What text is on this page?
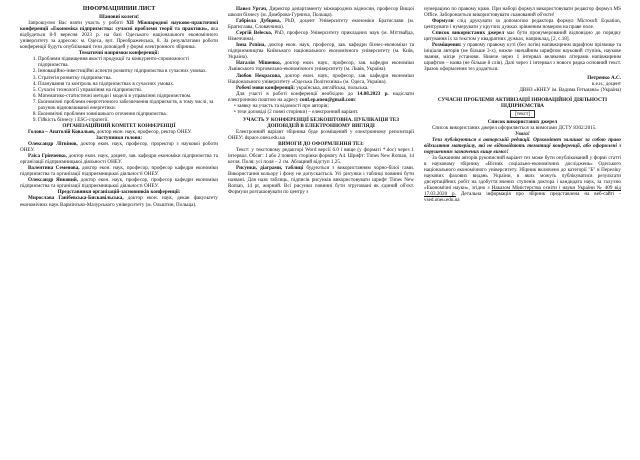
ІНФОРМАЦІЙНИЙ ЛИСТ

Шановні колеги!

Запрошуємо Вас взяти участь у роботі XII Міжнародної науково-практичної конференції «Економіка підприємства: сучасні проблеми теорії та практики», яка відбудеться 8-9 вересня 2023 р. на базі Одеського національного економічного університету за адресою: м. Одеса, вул. Преображенська, 8. За результатами роботи конференції будуть опубліковані тези доповідей у формі електронного збірника.

Тематичні напрямки конференції:

1. Проблеми підвищення якості продукції та конкуренто-спроможності підприємства.
2. Інноваційно-інвестиційні аспекти розвитку підприємства в сучасних умовах.
3. Стратегія розвитку підприємства.
4. Планування та контроль на підприємствах в сучасних умовах.
5. Сучасні технології управління на підприємстві.
6. Математико-статистичні методи і моделі в управлінні підприємством.
7. Економічні проблеми енергетичного забезпечення підприємств, в тому числі, за рахунок відновлюваної енергетики.
8. Економічні проблеми зовнішнього оточення підприємства.
9. Гійкість бізнесу і ESG-стратегії.

ОРГАНІЗАЦІЙНИЙ КОМІТЕТ КОНФЕРЕНЦІЇ

Голова – Анатолій Ковальов, доктор екон. наук, професор, ректор ОНЕУ.

Заступники голови:

Олександр Літвінов, доктор екон. наук, професор, проректор з наукової роботи ОНЕУ.

Раїса Грінченко, доктор екон. наук, доцент, зав. кафедри економіки підприємства та організації підприємницької діяльності ОНЕУ.

Валентина Семенова, доктор екон. наук, професор, професор кафедри економіки підприємства та організації підприємницької діяльності ОНЕУ.

Олександр Янковий, доктор екон. наук, професор, професор кафедри економіки підприємства та організації підприємницької діяльності ОНЕУ.

Представники організацій-засновників конференції:

Мирослава Ганібевська-Бискавільська, доктор екон. наук, декан факультету економічних наук Вармінсько-Мазурського університету (м. Ольштин, Польща).

Павел Ургач, Директор департаменту міжнародних відносин, професор Вищої школи бізнесу (м. Домброва-Гурнича, Польща).

Габріела Дубцова, PhD, доцент Університету економіки Братислави (м. Братислава, Словаччина).

Сергій Веleско, PhD, професор Університету прикладних наук (м. Міттвайда, Німеччина).

Інна Рєпіна, доктор екон. наук, професор, зав. кафедри бізнес-економіки та підприємництва Київського національного економічного університету (м. Київ, Україна).

Наталія Мішенко, доктор екон. наук, професор, зав. кафедри економіки Львівського торговельно-економічного університету (м. Львів, Україна).

Любов Некрасова, доктор екон. наук, професор, зав. кафедри економіки Національного університету «Одеська Політехніка» (м. Одеса, Україна).

Робочі мови конференції: українська, англійська, польська.

Для участі в роботі конференції необхідно до 14.08.2023 р. надіслати електронною поштою на адресу conf.ep.oneu@gmail.com:

• заявку на участь та відомості про авторів;

• тези доповіді (2 повні сторінки) – електронний варіант.

УЧАСТЬ У КОНФЕРЕНЦІЇ БЕЗКОШТОВНА. ПУБЛІКАЦІЯ ТЕЗ ДОПОВІДЕЙ В ЕЛЕКТРОННОМУ ВИГЛЯДІ

Електронний варіант збірника буде розміщений у електронному репозитарії ОНЕУ: dspace.oneu.edu.ua

ВИМОГИ ДО ОФОРМЛЕННЯ ТЕЗ:

Текст: у текстовому редакторі Word версії 6.0 і вище (у форматі *.doc) через 1 інтервал. Обсяг: 1 або 2 повних сторінки формату А4. Шрифт: Times New Roman, 14 кегля. Поля: усі поля – 2 см. Абзацний відступ 1,25.

Рисунки, діаграми, таблиці будуються з використанням чорно-білої гами. Використання кольору і фону не допускається. Усі рисунки і таблиці повинні бути названі. Для назв таблиць, підписів рисунків використовувати шрифт Times New Roman, 14 pt, жирний. Всі рисунки повинні бути згруповані як єдиний об'єкт. Формули розташовувати по центру з

нумерацією по правому краю. При наборі формул використовувати редактор формул MS Office. Заборонається використовувати сканований об'єкти!

Формули слід друкувати за допомогою редактора формул Microsoft Equation, центрувати і нумерувати у круглих дужках зрівненим номером на праве поле.

Список використаних джерел має бути пронумерований відповідно до порядку цитування їх за текстом у квадратних дужках, наприклад, [2, с.18].

Розміщення: у правому правому куті (без логів) напівжирним шрифтом прізвище та ініціали авторів (не більше 3-х), нижче звичайним шрифтом науковий ступінь, наукове звання, місце установи. Нижче через 1 інтервал великими літерами напівжирним шрифтом – назва (не більше 8 слів). Далі через 1 інтервал з нового рядка основний текст. Зразок оформлення тез додається.

Петренко А.С.

к.е.н., доцент

ДВНЗ «КНЕУ ім. Вадима Гетьмана» (Україна)

СУЧАСНІ ПРОБЛЕМИ АКТИВІЗАЦІЇ ІННОВАЦІЙНОЇ ДІЯЛЬНОСТІ ПІДПРИЄМСТВА

[текст]

Список використаних джерел

Список використаних джерел оформляється за вимогами ДСТУ 8302:2015.

Увага!

Тези публікуються в авторській редакції. Оргкомітет залишає за собою право відхиляння матеріалу, які не відповідають тематиці конференції, або оформлені з порушенням зазначених вище вимог!

За бажанням авторів рукописний варіант тез може бути опублікований у формі статті в науковому збірнику «Вісник соціально-економічних досліджень» Одеського національного економічного університету. Збірник включено до категорії "Б" в Переліку наукових фахових видань України, в яких можуть публікуватися результати дисертаційних робіт на здобуття вчених ступенів доктора і кандидата наук, за галуззю «Економічні науки», згідно з Наказом Міністерства освіти і науки України № 409 від 17.03.2020 р. Детальна інформація про збірник представлена на веб-сайті - vsed.oneu.edu.ua
